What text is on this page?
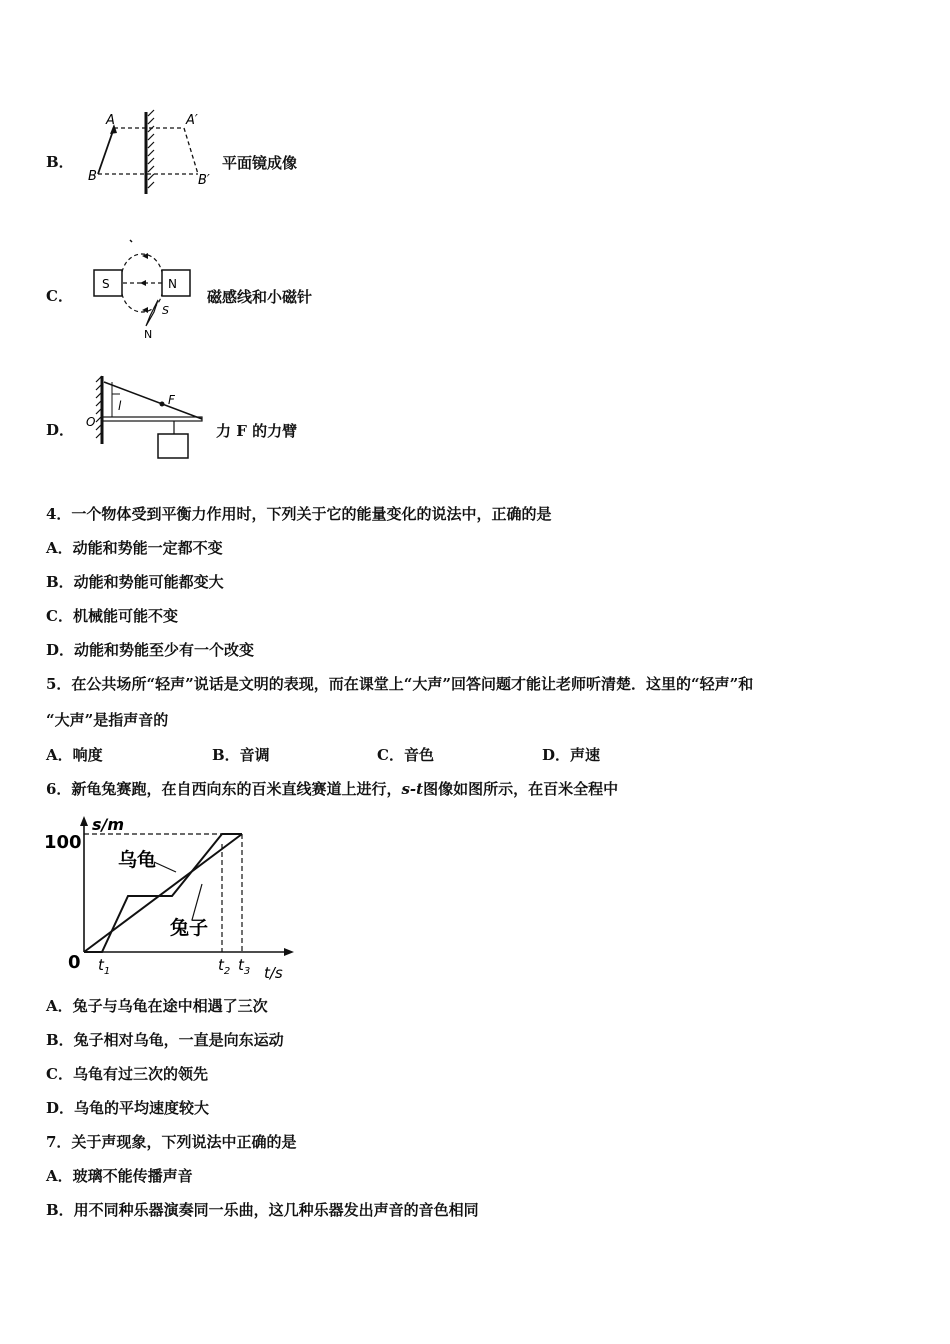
B．
A	A′
B	B′
平面镜成像
C．
S	N
S
N
磁感线和小磁针
D．
l	F
O	力 F 的力臂
4．一个物体受到平衡力作用时，下列关于它的能量变化的说法中，正确的是
A．动能和势能一定都不变
B．动能和势能可能都变大
C．机械能可能不变
D．动能和势能至少有一个改变
5．在公共场所“轻声”说话是文明的表现，而在课堂上“大声”回答问题才能让老师听清楚．这里的“轻声”和
“大声”是指声音的
A．响度	B．音调	C．音色	D．声速
6．新龟兔赛跑，在自西向东的百米直线赛道上进行，s-t图像如图所示，在百米全程中
s/m
t/s
0
100
乌龟
兔子
$t_1$	$t_2$ $t_3$
A．兔子与乌龟在途中相遇了三次
B．兔子相对乌龟，一直是向东运动
C．乌龟有过三次的领先
D．乌龟的平均速度较大
7．关于声现象，下列说法中正确的是
A．玻璃不能传播声音
B．用不同种乐器演奏同一乐曲，这几种乐器发出声音的音色相同
